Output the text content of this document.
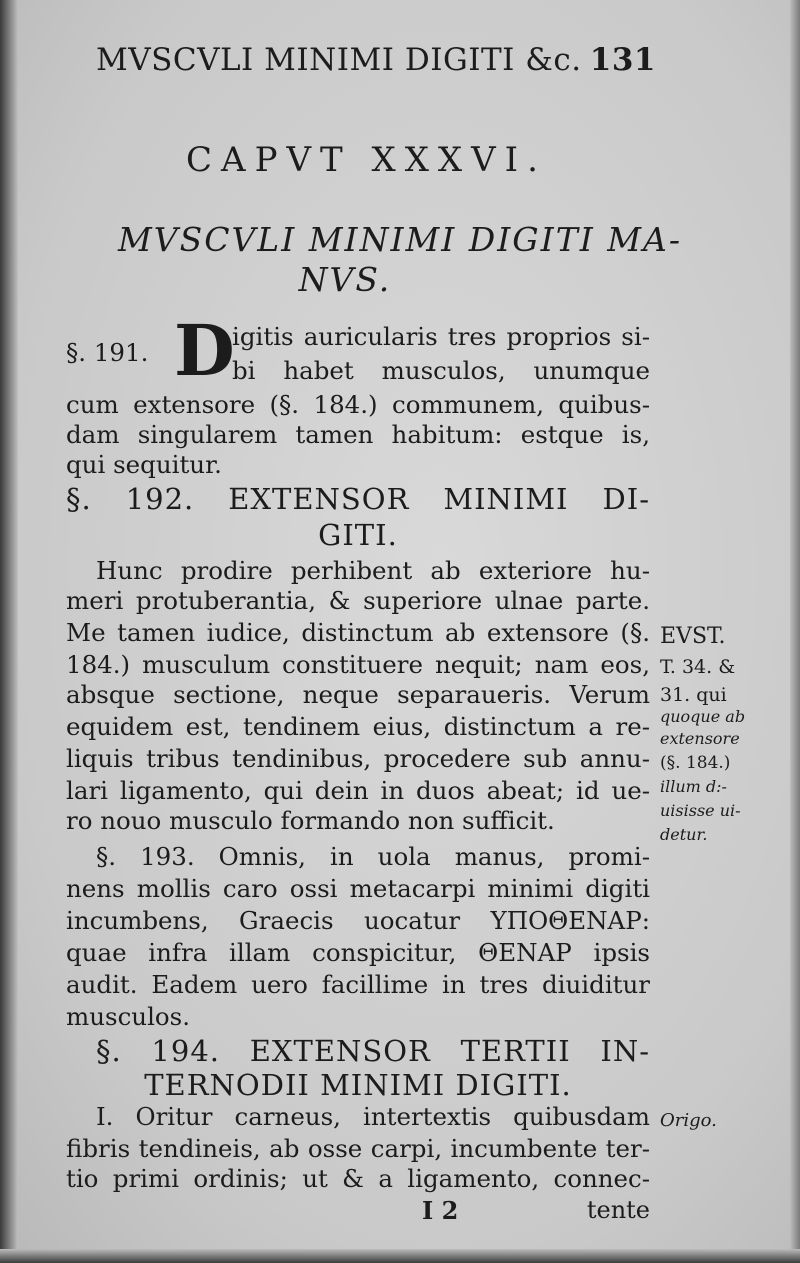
MVSCVLI MINIMI DIGITI &c. 131
CAPVT XXXVI.
MVSCVLI MINIMI DIGITI MA-
NVS.
§. 191. D
igitis auricularis tres proprios si-
bi habet musculos, unumque
cum extensore (§. 184.) communem, quibus-
dam singularem tamen habitum: estque is,
qui sequitur.
§. 192. EXTENSOR MINIMI DI-
GITI.
Hunc prodire perhibent ab exteriore hu-
meri protuberantia, & superiore ulnae parte.
Me tamen iudice, distinctum ab extensore (§.
184.) musculum constituere nequit; nam eos,
absque sectione, neque separaueris. Verum
equidem est, tendinem eius, distinctum a re-
liquis tribus tendinibus, procedere sub annu-
lari ligamento, qui dein in duos abeat; id ue-
ro nouo musculo formando non sufficit.
EVST.
T. 34. &
31. qui
quoque ab
extensore
(§. 184.)
illum d:-
uisisse ui-
detur.
§. 193. Omnis, in uola manus, promi-
nens mollis caro ossi metacarpi minimi digiti
incumbens, Graecis uocatur ΥΠΟΘΕΝΑΡ:
quae infra illam conspicitur, ΘΕΝΑΡ ipsis
audit. Eadem uero facillime in tres diuiditur
musculos.
§. 194. EXTENSOR TERTII IN-
TERNODII MINIMI DIGITI.
I. Oritur carneus, intertextis quibusdam
fibris tendineis, ab osse carpi, incumbente ter-
tio primi ordinis; ut & a ligamento, connec-
Origo.
I 2	tente
